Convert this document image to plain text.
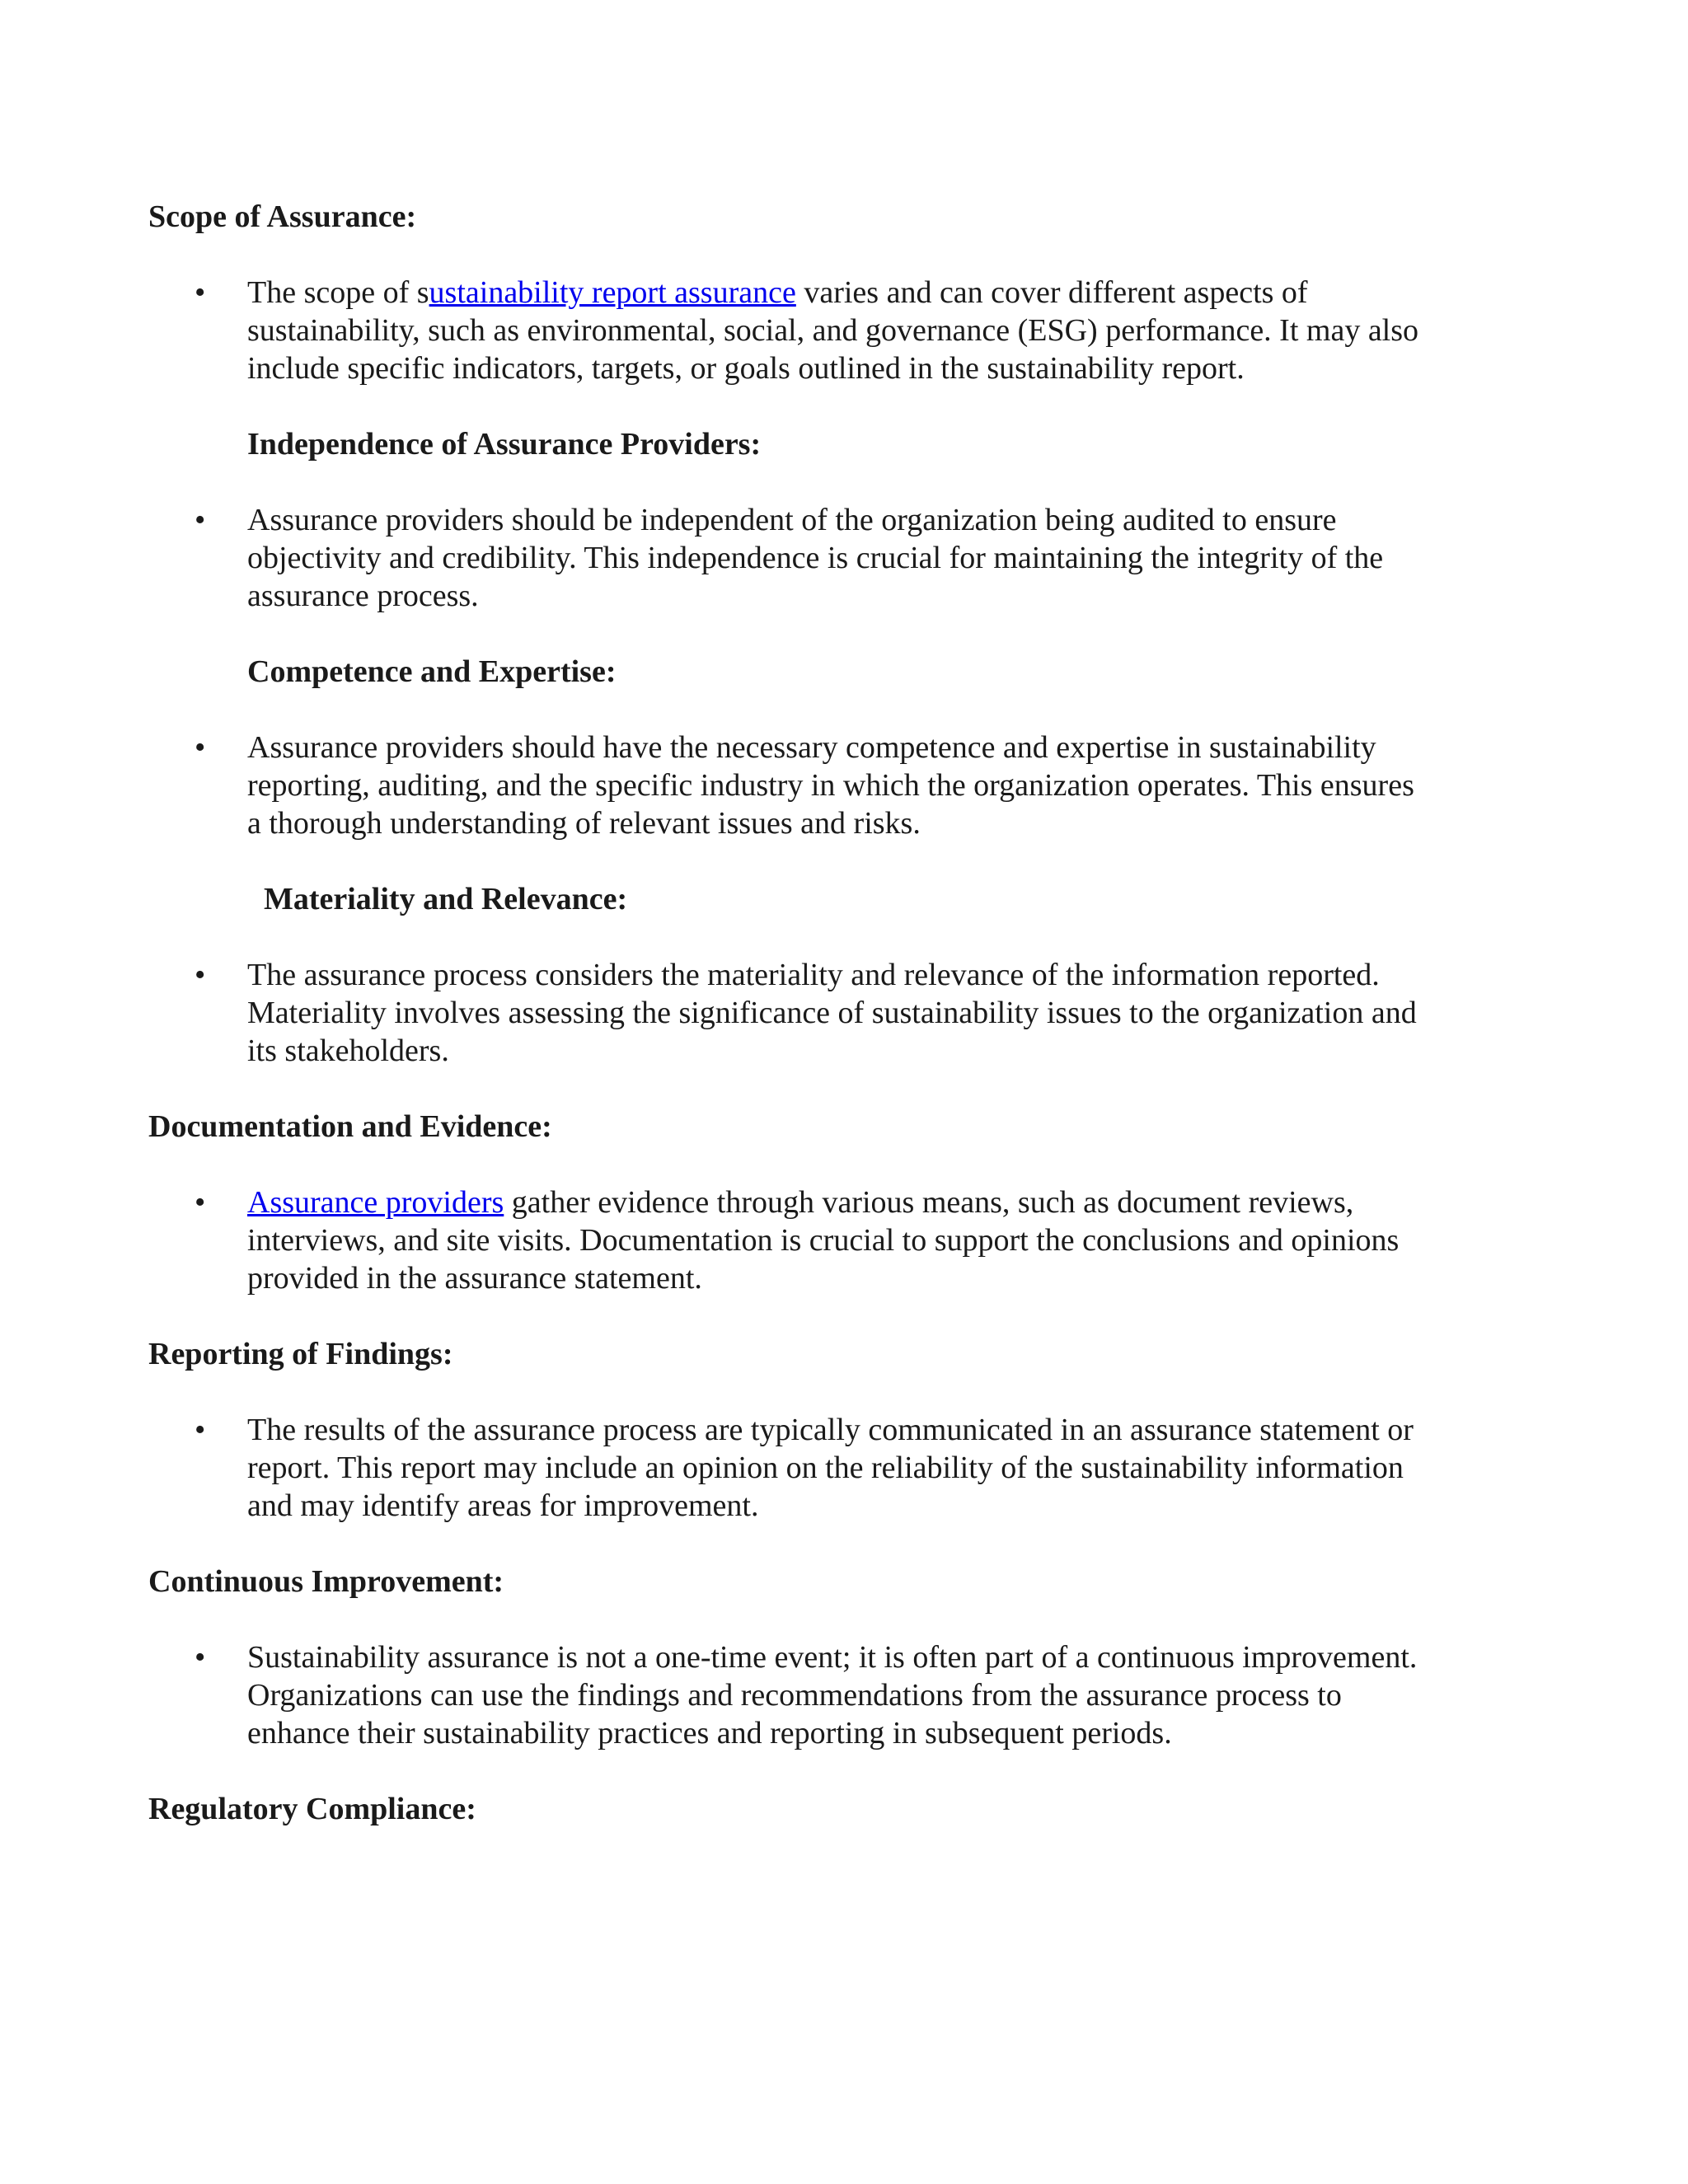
Scope of Assurance:
• The scope of sustainability report assurance varies and can cover different aspects of
sustainability, such as environmental, social, and governance (ESG) performance. It may also
include specific indicators, targets, or goals outlined in the sustainability report.

Independence of Assurance Providers:
• Assurance providers should be independent of the organization being audited to ensure
objectivity and credibility. This independence is crucial for maintaining the integrity of the
assurance process.

Competence and Expertise:
• Assurance providers should have the necessary competence and expertise in sustainability
reporting, auditing, and the specific industry in which the organization operates. This ensures
a thorough understanding of relevant issues and risks.

Materiality and Relevance:
• The assurance process considers the materiality and relevance of the information reported.
Materiality involves assessing the significance of sustainability issues to the organization and
its stakeholders.

Documentation and Evidence:
• Assurance providers gather evidence through various means, such as document reviews,
interviews, and site visits. Documentation is crucial to support the conclusions and opinions
provided in the assurance statement.

Reporting of Findings:
• The results of the assurance process are typically communicated in an assurance statement or
report. This report may include an opinion on the reliability of the sustainability information
and may identify areas for improvement.

Continuous Improvement:
• Sustainability assurance is not a one-time event; it is often part of a continuous improvement.
Organizations can use the findings and recommendations from the assurance process to
enhance their sustainability practices and reporting in subsequent periods.

Regulatory Compliance:
